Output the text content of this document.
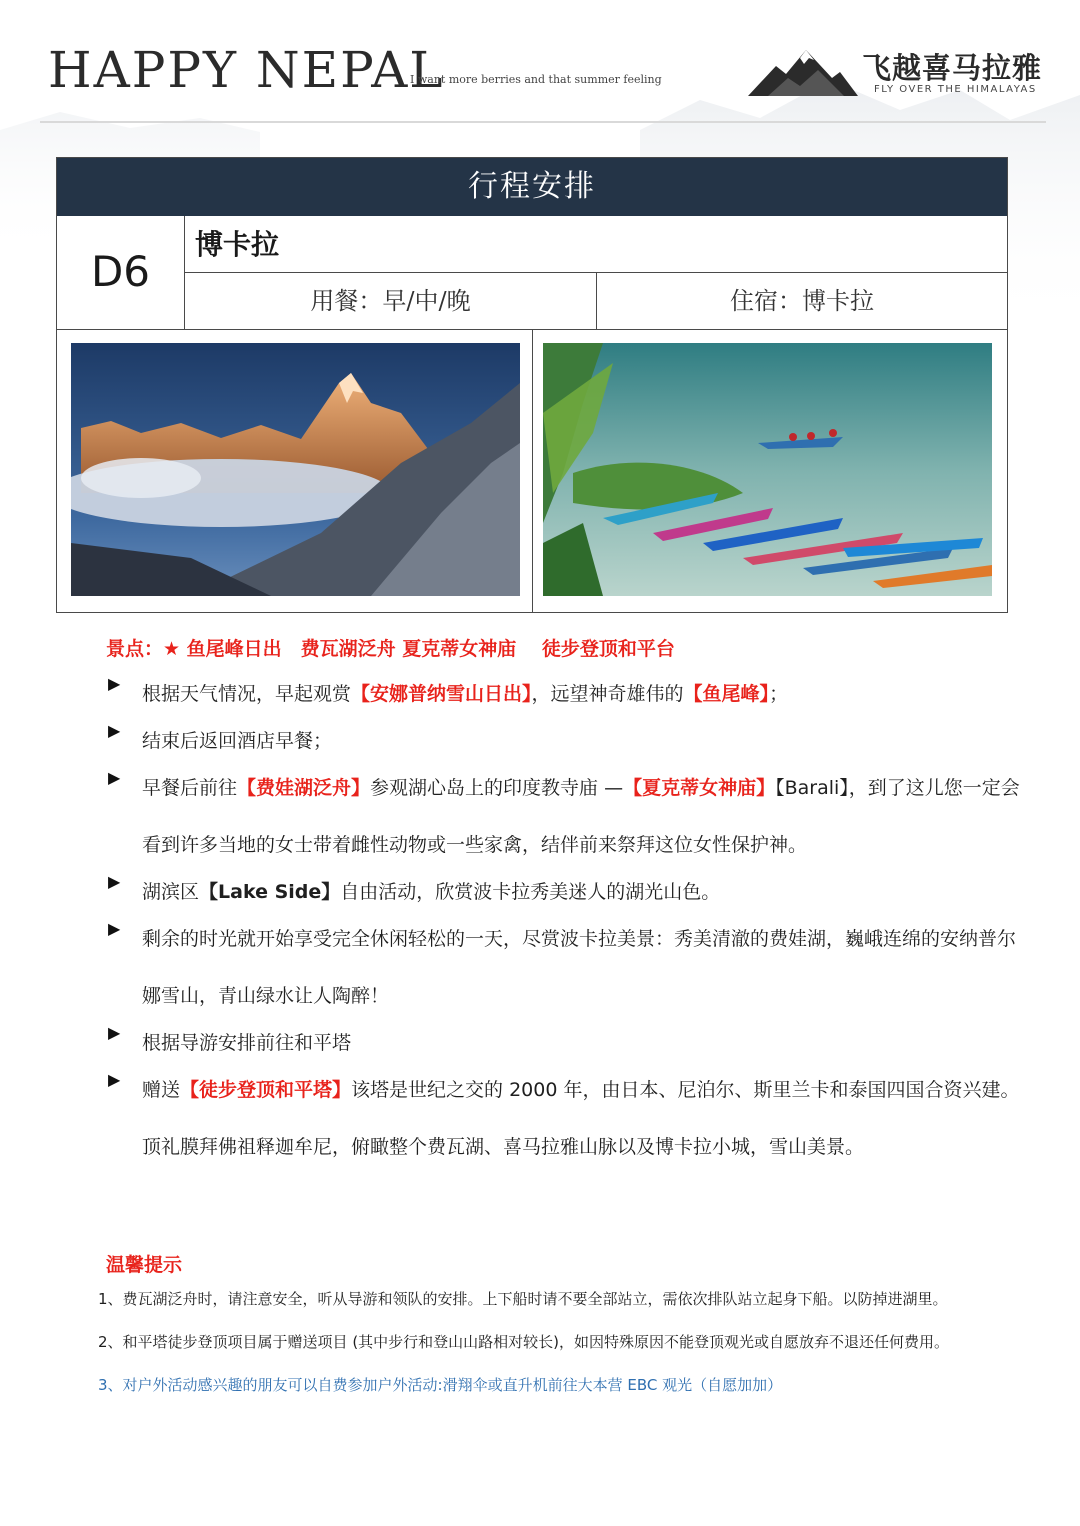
HAPPY NEPAL
I want more berries and that summer feeling	飞越喜马拉雅
FLY OVER THE HIMALAYAS
行程安排
D6
博卡拉
用餐：早/中/晚	住宿：博卡拉
景点：★ 鱼尾峰日出　费瓦湖泛舟 夏克蒂女神庙　 徒步登顶和平台
▶ 根据天气情况，早起观赏【安娜普纳雪山日出】，远望神奇雄伟的【鱼尾峰】；

▶ 结束后返回酒店早餐；

▶ 早餐后前往【费娃湖泛舟】参观湖心岛上的印度教寺庙 —【夏克蒂女神庙】【Barali】，到了这儿您一定会看到许多当地的女士带着雌性动物或一些家禽，结伴前来祭拜这位女性保护神。

▶ 湖滨区【Lake Side】自由活动，欣赏波卡拉秀美迷人的湖光山色。

▶ 剩余的时光就开始享受完全休闲轻松的一天，尽赏波卡拉美景：秀美清澈的费娃湖，巍峨连绵的安纳普尔娜雪山，青山绿水让人陶醉！

▶ 根据导游安排前往和平塔

▶ 赠送【徒步登顶和平塔】该塔是世纪之交的 2000 年，由日本、尼泊尔、斯里兰卡和泰国四国合资兴建。顶礼膜拜佛祖释迦牟尼，俯瞰整个费瓦湖、喜马拉雅山脉以及博卡拉小城，雪山美景。

温馨提示
1、费瓦湖泛舟时，请注意安全，听从导游和领队的安排。上下船时请不要全部站立，需依次排队站立起身下船。以防掉进湖里。
2、和平塔徒步登顶项目属于赠送项目 (其中步行和登山山路相对较长)，如因特殊原因不能登顶观光或自愿放弃不退还任何费用。
3、对户外活动感兴趣的朋友可以自费参加户外活动:滑翔伞或直升机前往大本营 EBC 观光（自愿加加）
